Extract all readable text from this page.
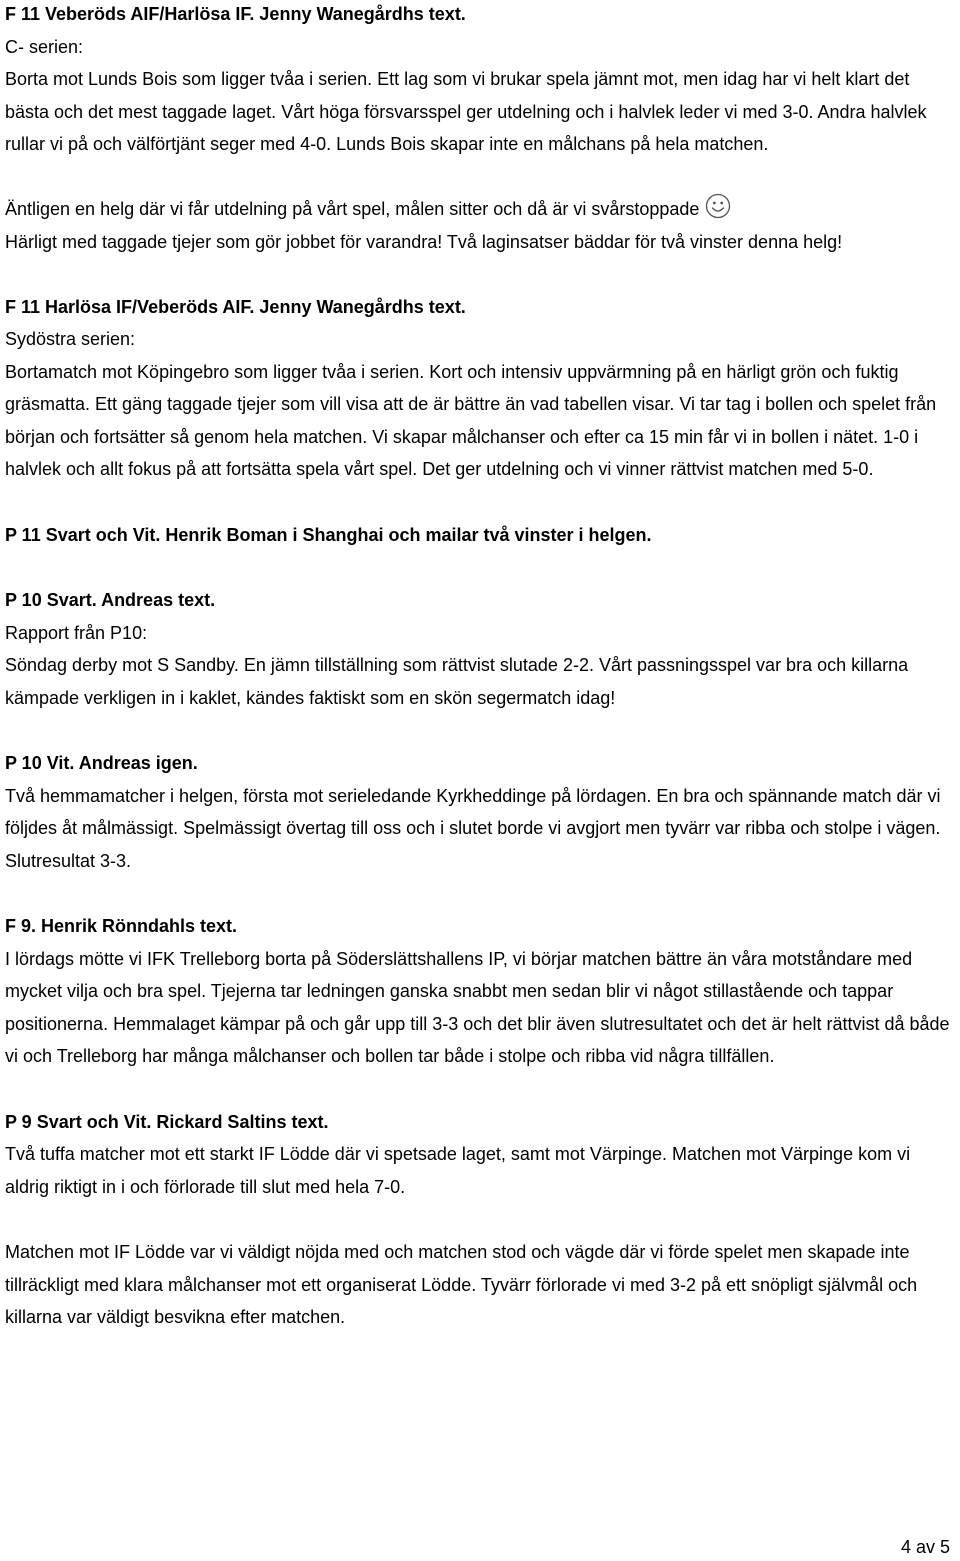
F 11 Veberöds AIF/Harlösa IF. Jenny Wanegårdhs text.
C- serien:
Borta mot Lunds Bois som ligger tvåa i serien. Ett lag som vi brukar spela jämnt mot, men idag har vi helt klart det bästa och det mest taggade laget. Vårt höga försvarsspel ger utdelning och i halvlek leder vi med 3-0. Andra halvlek rullar vi på och välförtjänt seger med 4-0. Lunds Bois skapar inte en målchans på hela matchen.
Äntligen en helg där vi får utdelning på vårt spel, målen sitter och då är vi svårstoppade
Härligt med taggade tjejer som gör jobbet för varandra! Två laginsatser bäddar för två vinster denna helg!
F 11 Harlösa IF/Veberöds AIF. Jenny Wanegårdhs text.
Sydöstra serien:
Bortamatch mot Köpingebro som ligger tvåa i serien. Kort och intensiv uppvärmning på en härligt grön och fuktig gräsmatta. Ett gäng taggade tjejer som vill visa att de är bättre än vad tabellen visar. Vi tar tag i bollen och spelet från början och fortsätter så genom hela matchen. Vi skapar målchanser och efter ca 15 min får vi in bollen i nätet. 1-0 i halvlek och allt fokus på att fortsätta spela vårt spel. Det ger utdelning och vi vinner rättvist matchen med 5-0.
P 11 Svart och Vit. Henrik Boman i Shanghai och mailar två vinster i helgen.
P 10 Svart. Andreas text.
Rapport från P10:
Söndag derby mot S Sandby. En jämn tillställning som rättvist slutade 2-2. Vårt passningsspel var bra och killarna kämpade verkligen in i kaklet, kändes faktiskt som en skön segermatch idag!
P 10 Vit. Andreas igen.
Två hemmamatcher i helgen, första mot serieledande Kyrkheddinge på lördagen. En bra och spännande match där vi följdes åt målmässigt. Spelmässigt övertag till oss och i slutet borde vi avgjort men tyvärr var ribba och stolpe i vägen. Slutresultat 3-3.
F 9. Henrik Rönndahls text.
I lördags mötte vi IFK Trelleborg borta på Söderslättshallens IP, vi börjar matchen bättre än våra motståndare med mycket vilja och bra spel. Tjejerna tar ledningen ganska snabbt men sedan blir vi något stillastående och tappar positionerna. Hemmalaget kämpar på och går upp till 3-3 och det blir även slutresultatet och det är helt rättvist då både vi och Trelleborg har många målchanser och bollen tar både i stolpe och ribba vid några tillfällen.
P 9 Svart och Vit. Rickard Saltins text.
Två tuffa matcher mot ett starkt IF Lödde där vi spetsade laget, samt mot Värpinge. Matchen mot Värpinge kom vi aldrig riktigt in i och förlorade till slut med hela 7-0.
Matchen mot IF Lödde var vi väldigt nöjda med och matchen stod och vägde där vi förde spelet men skapade inte tillräckligt med klara målchanser mot ett organiserat Lödde. Tyvärr förlorade vi med 3-2 på ett snöpligt självmål och killarna var väldigt besvikna efter matchen.
4 av 5
